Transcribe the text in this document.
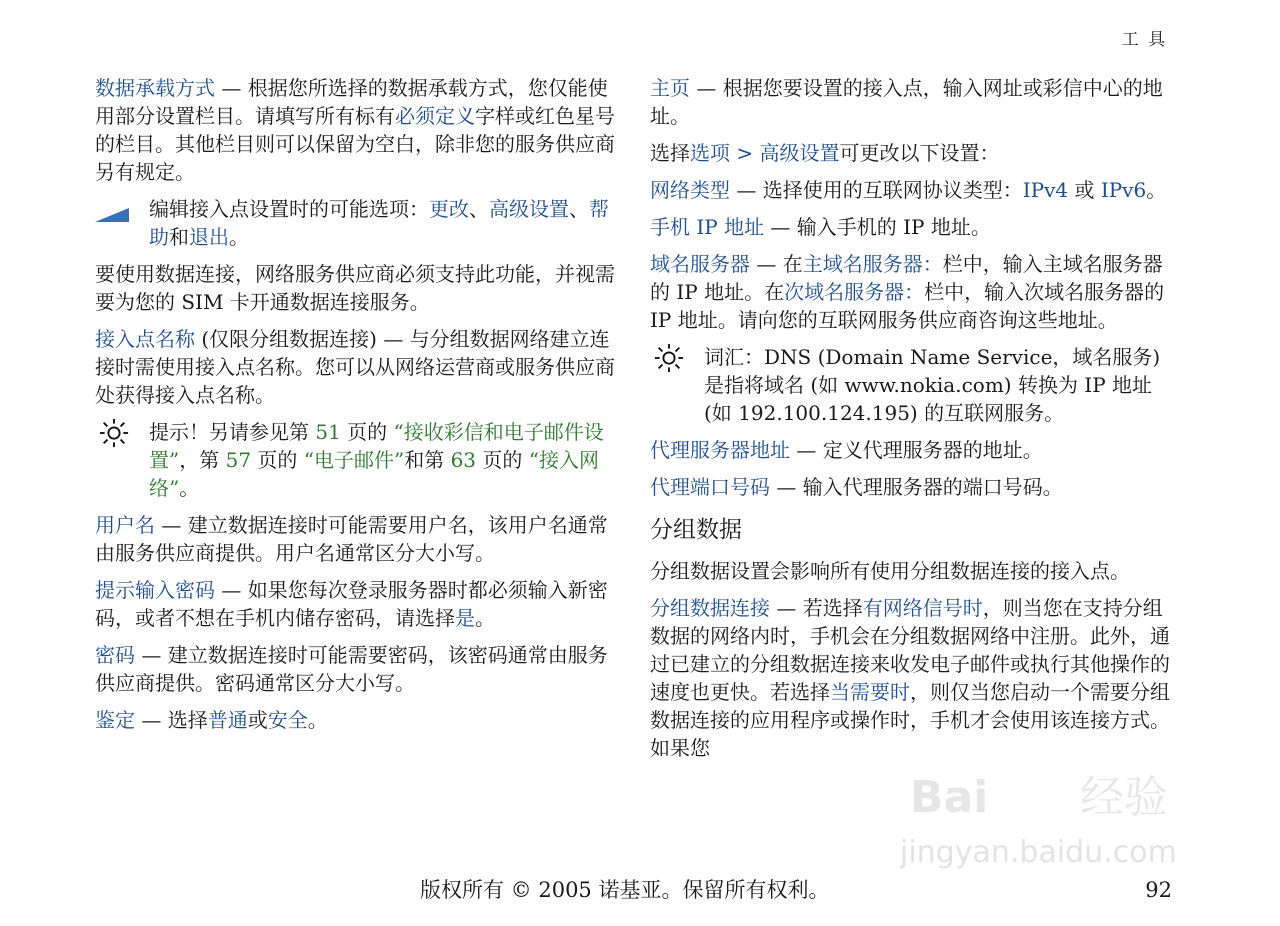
工 具

数据承载方式 — 根据您所选择的数据承载方式，您仅能使用部分设置栏目。请填写所有标有必须定义字样或红色星号的栏目。其他栏目则可以保留为空白，除非您的服务供应商另有规定。

编辑接入点设置时的可能选项：更改、高级设置、帮助和退出。

要使用数据连接，网络服务供应商必须支持此功能，并视需要为您的 SIM 卡开通数据连接服务。

接入点名称 (仅限分组数据连接) — 与分组数据网络建立连接时需使用接入点名称。您可以从网络运营商或服务供应商处获得接入点名称。

提示！另请参见第 51 页的 “接收彩信和电子邮件设置”，第 57 页的 “电子邮件”和第 63 页的 “接入网络”。

用户名 — 建立数据连接时可能需要用户名，该用户名通常由服务供应商提供。用户名通常区分大小写。

提示输入密码 — 如果您每次登录服务器时都必须输入新密码，或者不想在手机内储存密码，请选择是。

密码 — 建立数据连接时可能需要密码，该密码通常由服务供应商提供。密码通常区分大小写。

鉴定 — 选择普通或安全。

主页 — 根据您要设置的接入点，输入网址或彩信中心的地址。

选择选项 > 高级设置可更改以下设置：

网络类型 — 选择使用的互联网协议类型：IPv4 或 IPv6。

手机 IP 地址 — 输入手机的 IP 地址。

域名服务器 — 在主域名服务器：栏中，输入主域名服务器的 IP 地址。在次域名服务器：栏中，输入次域名服务器的 IP 地址。请向您的互联网服务供应商咨询这些地址。

词汇：DNS (Domain Name Service，域名服务) 是指将域名 (如 www.nokia.com) 转换为 IP 地址 (如 192.100.124.195) 的互联网服务。

代理服务器地址 — 定义代理服务器的地址。

代理端口号码 — 输入代理服务器的端口号码。

分组数据

分组数据设置会影响所有使用分组数据连接的接入点。

分组数据连接 — 若选择有网络信号时，则当您在支持分组数据的网络内时，手机会在分组数据网络中注册。此外，通过已建立的分组数据连接来收发电子邮件或执行其他操作的速度也更快。若选择当需要时，则仅当您启动一个需要分组数据连接的应用程序或操作时，手机才会使用该连接方式。如果您

Bai 经验
jingyan.baidu.com
版权所有 © 2005 诺基亚。保留所有权利。	92
